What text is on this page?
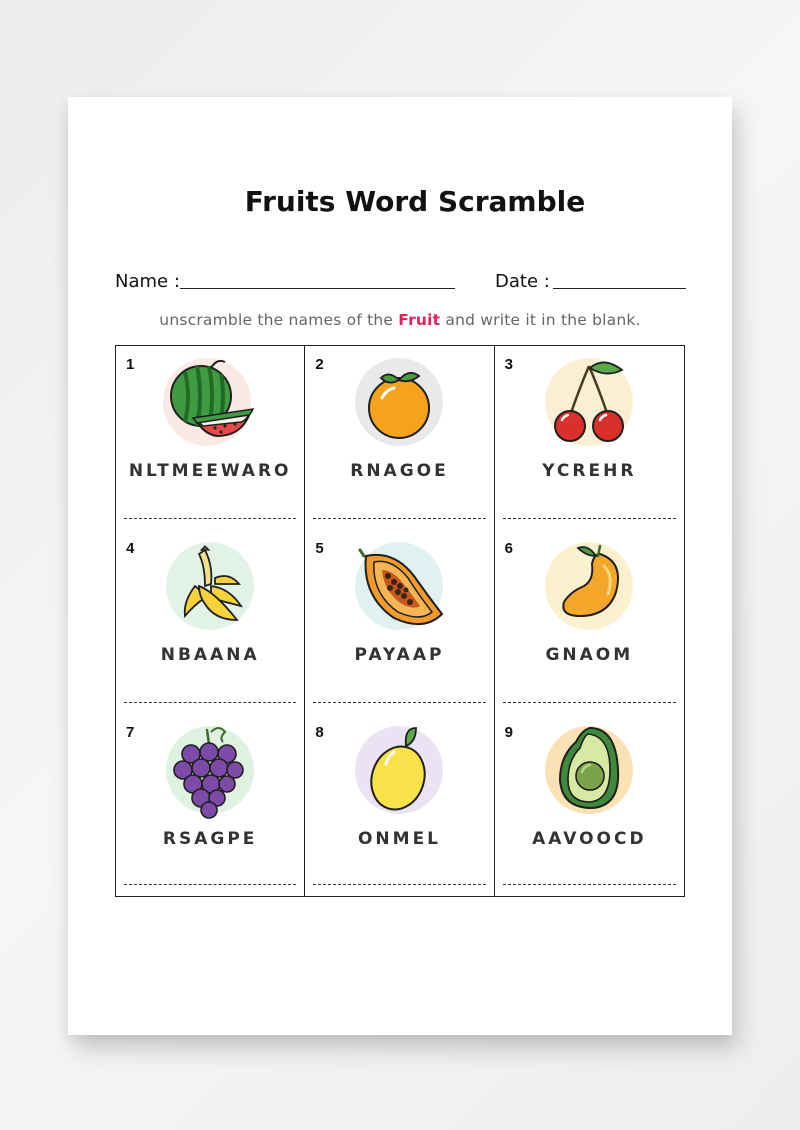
Fruits Word Scramble
Name :	Date :
unscramble the names of the Fruit and write it in the blank.
1
NLTMEEWARO
2
RNAGOE
3
YCREHR
4
NBAANA
5
PAYAAP
6
GNAOM
7
RSAGPE
8
ONMEL
9
AAVOOCD
